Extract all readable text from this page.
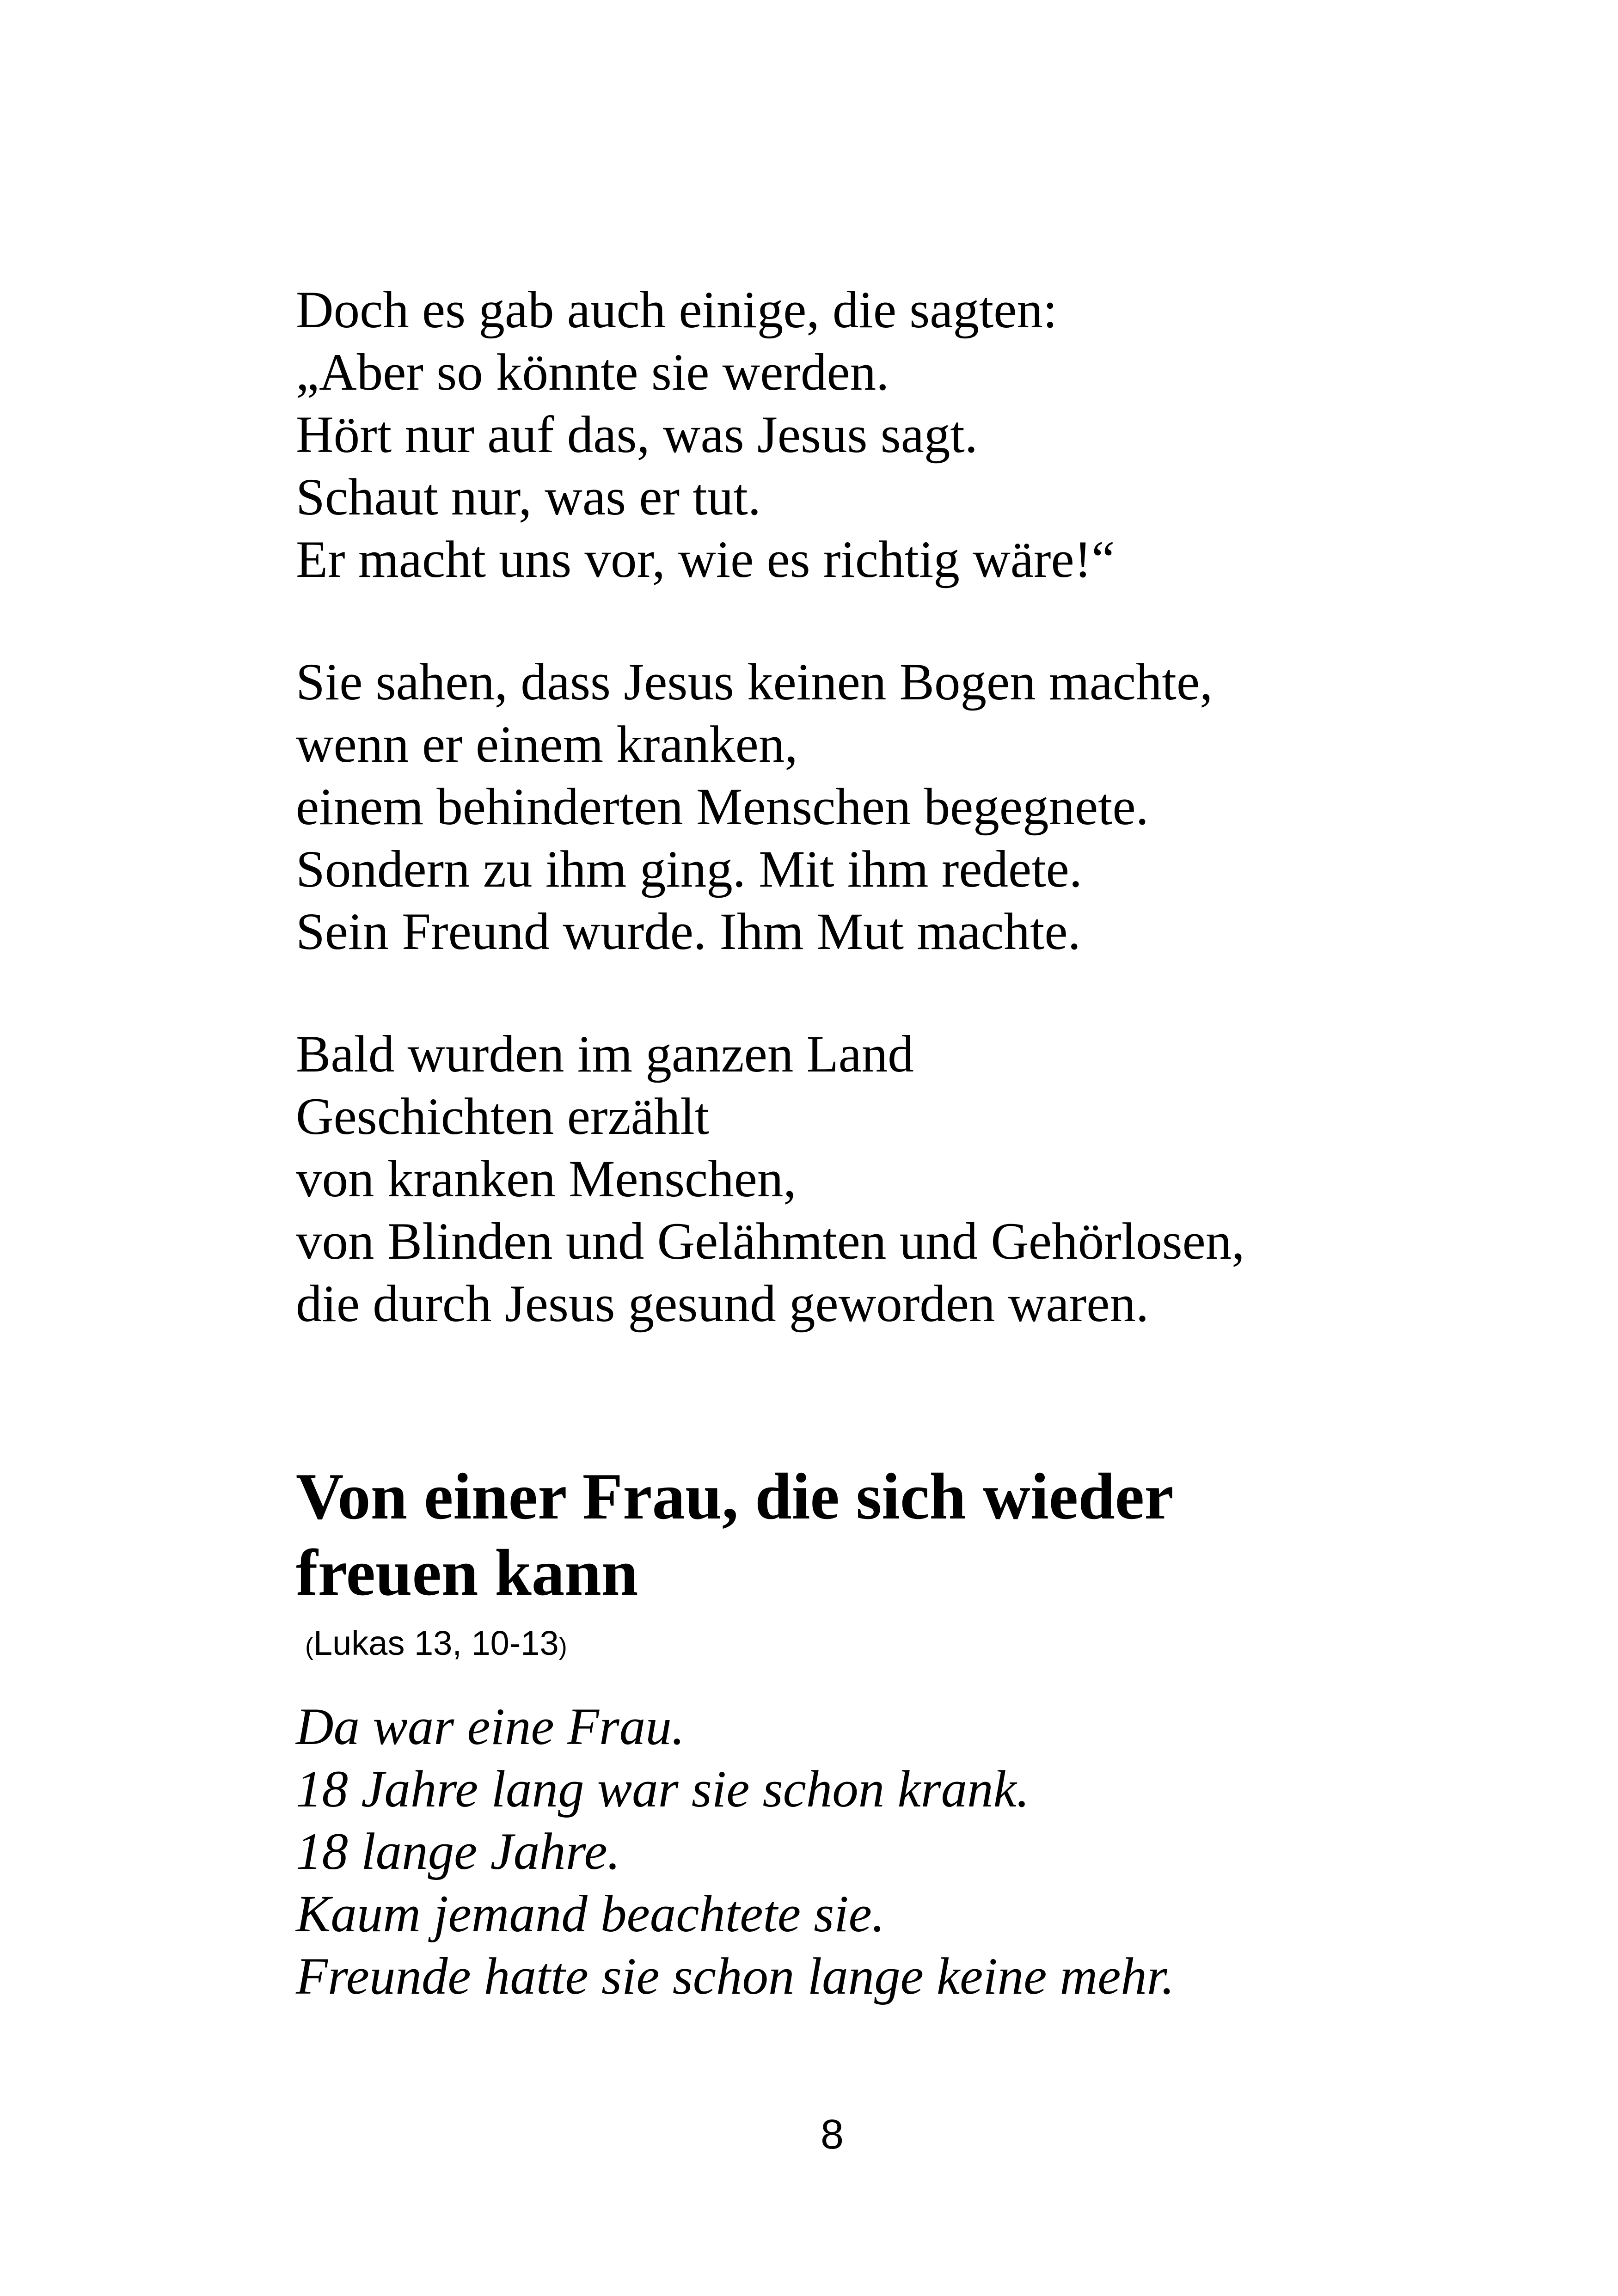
Doch es gab auch einige, die sagten:
„Aber so könnte sie werden.
Hört nur auf das, was Jesus sagt.
Schaut nur, was er tut.
Er macht uns vor, wie es richtig wäre!“

Sie sahen, dass Jesus keinen Bogen machte,
wenn er einem kranken,
einem behinderten Menschen begegnete.
Sondern zu ihm ging. Mit ihm redete.
Sein Freund wurde. Ihm Mut machte.

Bald wurden im ganzen Land
Geschichten erzählt
von kranken Menschen,
von Blinden und Gelähmten und Gehörlosen,
die durch Jesus gesund geworden waren.

Von einer Frau, die sich wieder
freuen kann
(Lukas 13, 10-13)

Da war eine Frau.
18 Jahre lang war sie schon krank.
18 lange Jahre.
Kaum jemand beachtete sie.
Freunde hatte sie schon lange keine mehr.

8
